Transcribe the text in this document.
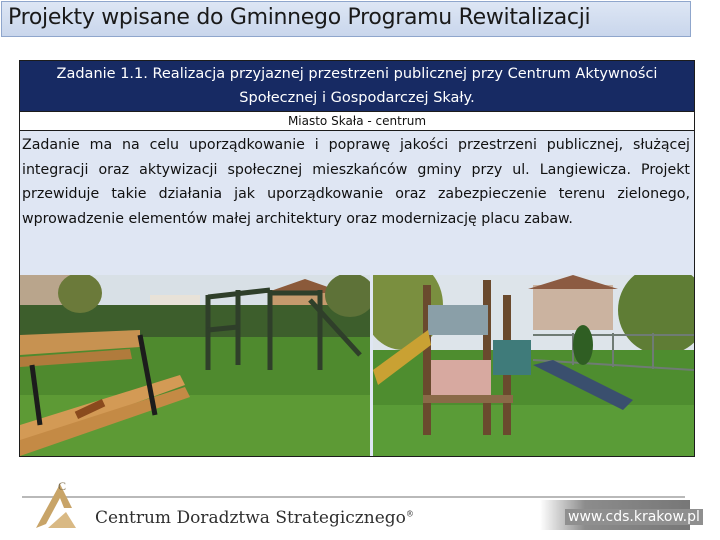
Projekty wpisane do Gminnego Programu Rewitalizacji
Zadanie 1.1. Realizacja przyjaznej przestrzeni publicznej przy Centrum Aktywności Społecznej i Gospodarczej Skały.
Miasto Skała - centrum
Zadanie ma na celu uporządkowanie i poprawę jakości przestrzeni publicznej, służącej integracji oraz aktywizacji społecznej mieszkańców gminy przy ul. Langiewicza. Projekt przewiduje takie działania jak uporządkowanie oraz zabezpieczenie terenu zielonego, wprowadzenie elementów małej architektury oraz modernizację placu zabaw.
C
Centrum Doradztwa Strategicznego®	www.cds.krakow.pl
